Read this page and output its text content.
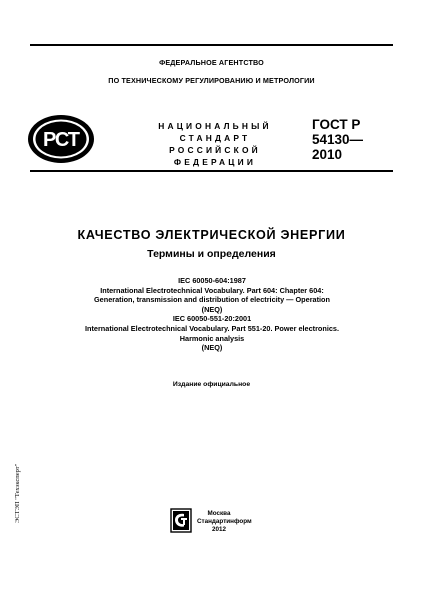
ФЕДЕРАЛЬНОЕ АГЕНТСТВО
ПО ТЕХНИЧЕСКОМУ РЕГУЛИРОВАНИЮ И МЕТРОЛОГИИ
РСТ
НАЦИОНАЛЬНЫЙ
СТАНДАРТ
РОССИЙСКОЙ
ФЕДЕРАЦИИ
ГОСТ Р
54130—
2010
КАЧЕСТВО ЭЛЕКТРИЧЕСКОЙ ЭНЕРГИИ
Термины и определения
IEC 60050-604:1987
International Electrotechnical Vocabulary. Part 604: Chapter 604:
Generation, transmission and distribution of electricity — Operation
(NEQ)
IEC 60050-551-20:2001
International Electrotechnical Vocabulary. Part 551-20. Power electronics.
Harmonic analysis
(NEQ)
Издание официальное
Москва
Стандартинформ
2012
ЭСТЭП "Техэксперт"
